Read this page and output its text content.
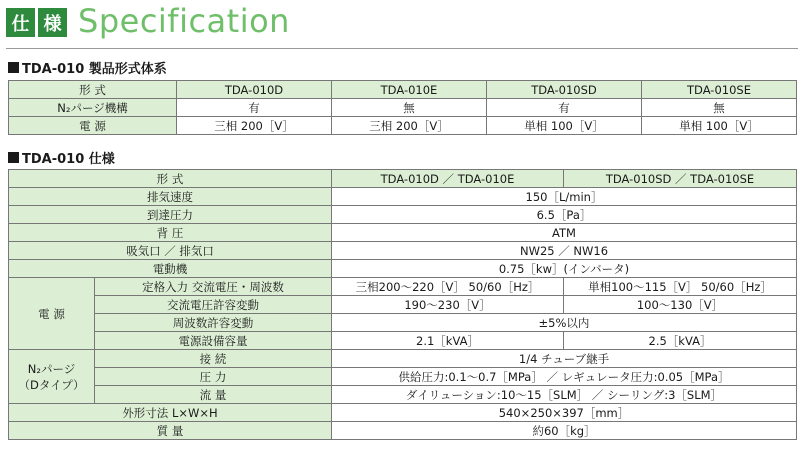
仕 様 Specification
TDA-010 製品形式体系
形 式	TDA-010D	TDA-010E	TDA-010SD	TDA-010SE
N₂パージ機構	有	無	有	無
電 源	三相 200［V］	三相 200［V］	単相 100［V］	単相 100［V］
TDA-010 仕様
形 式		TDA-010D ／ TDA-010E	TDA-010SD ／ TDA-010SE
排気速度		150［L/min］	
到達圧力		6.5［Pa］	
背 圧		ATM	
吸気口 ／ 排気口		NW25 ／ NW16	
電動機		0.75［kw］(インバータ)	
電 源	定格入力 交流電圧・周波数	三相200～220［V］ 50/60［Hz］	単相100～115［V］ 50/60［Hz］
	交流電圧許容変動	190～230［V］	100～130［V］
	周波数許容変動	±5%以内	
	電源設備容量	2.1［kVA］	2.5［kVA］

N₂パージ
（Dタイプ）	接 続	1/4 チューブ継手	
	圧 力	供給圧力:0.1～0.7［MPa］ ／ レギュレータ圧力:0.05［MPa］	
	流 量	ダイリューション:10～15［SLM］ ／ シーリング:3［SLM］	
外形寸法 L×W×H		540×250×397［mm］	
質 量		約60［kg］	
